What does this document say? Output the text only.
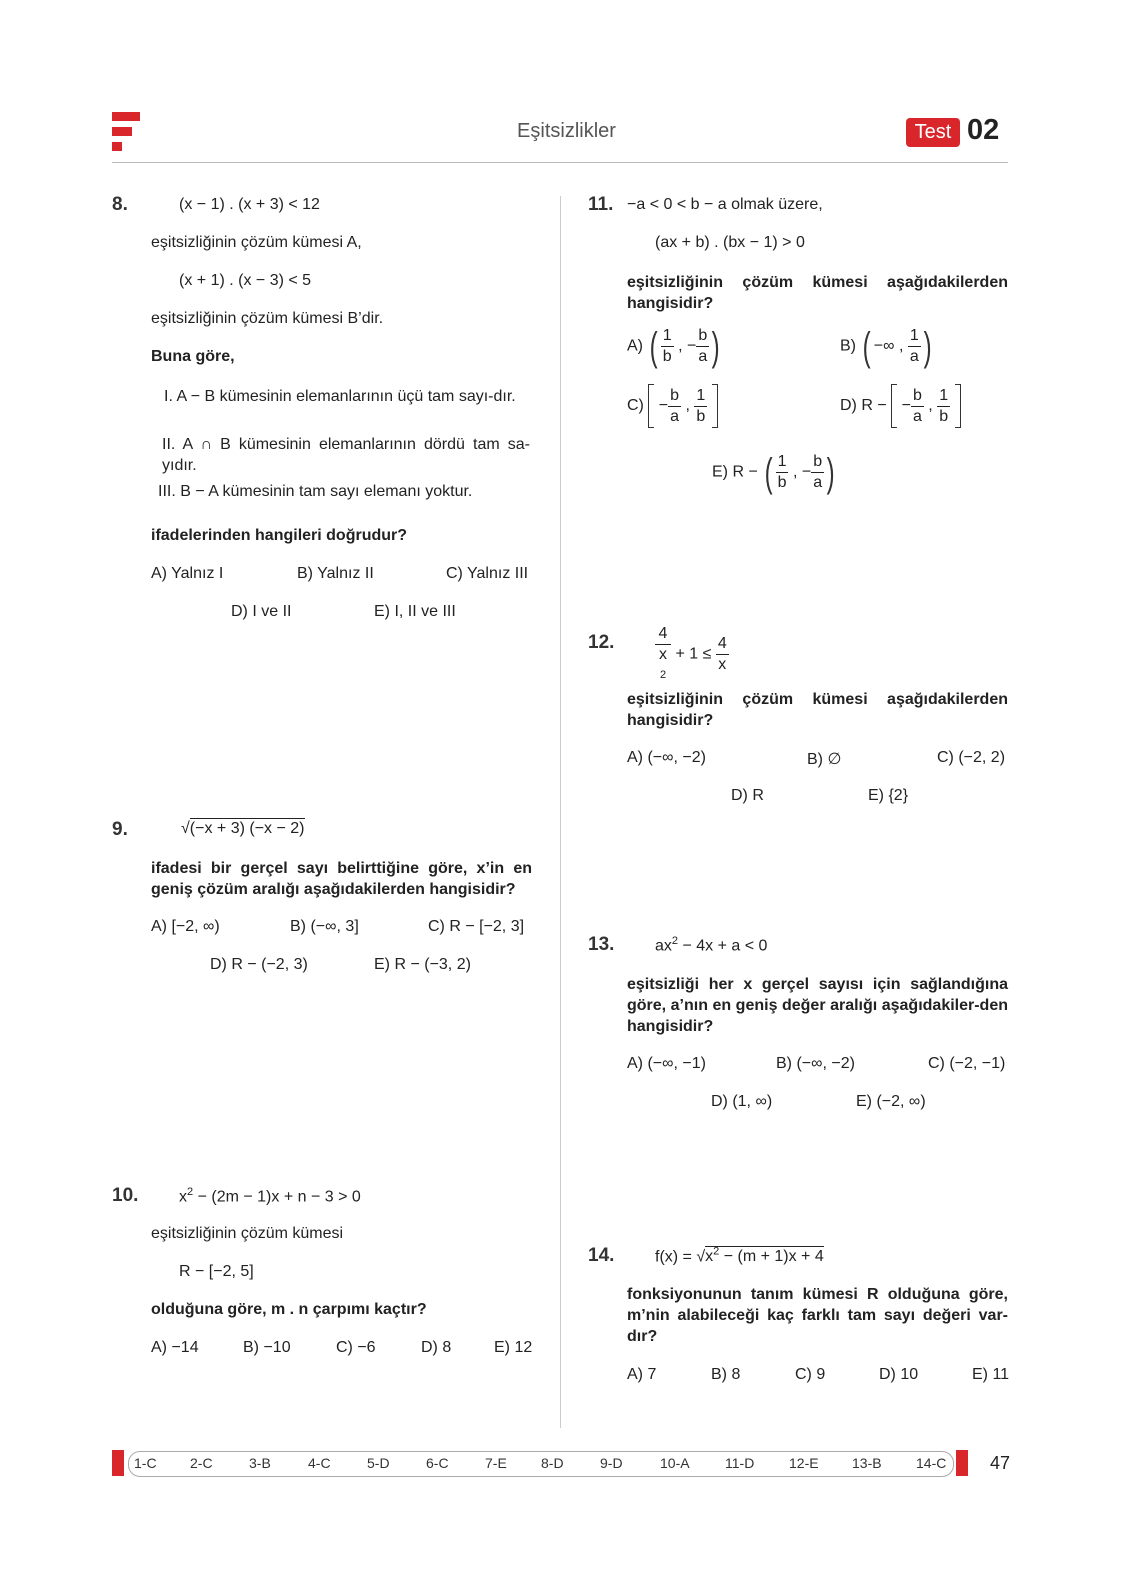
Eşitsizlikler	Test 02
8.	(x − 1) . (x + 3) < 12
eşitsizliğinin çözüm kümesi A,
(x + 1) . (x − 3) < 5
eşitsizliğinin çözüm kümesi B’dir.
Buna göre,
I. A − B kümesinin elemanlarının üçü tam sayı-dır.
II. A ∩ B kümesinin elemanlarının dördü tam sa-yıdır.
III. B − A kümesinin tam sayı elemanı yoktur.
ifadelerinden hangileri doğrudur?
A) Yalnız I	B) Yalnız II	C) Yalnız III
D) I ve II	E) I, II ve III
9.	√(−x + 3) (−x − 2)
ifadesi bir gerçel sayı belirttiğine göre, x’in en geniş çözüm aralığı aşağıdakilerden hangisidir?
A) [−2, ∞)	B) (−∞, 3]	C) R − [−2, 3]
D) R − (−2, 3)	E) R − (−3, 2)
10.	$x^2 - (2m - 1)x + n - 3 > 0$
eşitsizliğinin çözüm kümesi
R − [−2, 5]
olduğuna göre, m . n çarpımı kaçtır?
A) −14	B) −10	C) −6	D) 8	E) 12
11. −a < 0 < b − a olmak üzere,
(ax + b) . (bx − 1) > 0
eşitsizliğinin çözüm kümesi aşağıdakilerden hangisidir?
A) ( $\frac{1}{b}$ , − $\frac{b}{a}$ )	B) ( −∞ , $\frac{1}{a}$ )
$C) - \frac{b}{a}$ , $\frac{1}{b}$
	D) R − − $\frac{b}{a}$ , $\frac{1}{b}$

E) R − ( $\frac{1}{b}$ , − $\frac{b}{a}$ )
12.	4
x
$2 + 1 \le \frac{4}{x}$
eşitsizliğinin çözüm kümesi aşağıdakilerden hangisidir?
A) (−∞, −2)	B) ∅	C) (−2, 2)
D) R	E) {2}
13.	$ax^2 - 4x + a < 0$
eşitsizliği her x gerçel sayısı için sağlandığına göre, a’nın en geniş değer aralığı aşağıdakiler-den hangisidir?
A) (−∞, −1)	B) (−∞, −2)	C) (−2, −1)
D) (1, ∞)	E) (−2, ∞)
14.	$f(x) = √x^2 - (m + 1)x + 4$
fonksiyonunun tanım kümesi R olduğuna göre, m’nin alabileceği kaç farklı tam sayı değeri var-dır?
A) 7	B) 8	C) 9	D) 10	E) 11
1-C 2-C	3-B	4-C	5-D	6-C	7-E 8-D	9-D	10-A	11-D 12-E 13-B 14-C 47
